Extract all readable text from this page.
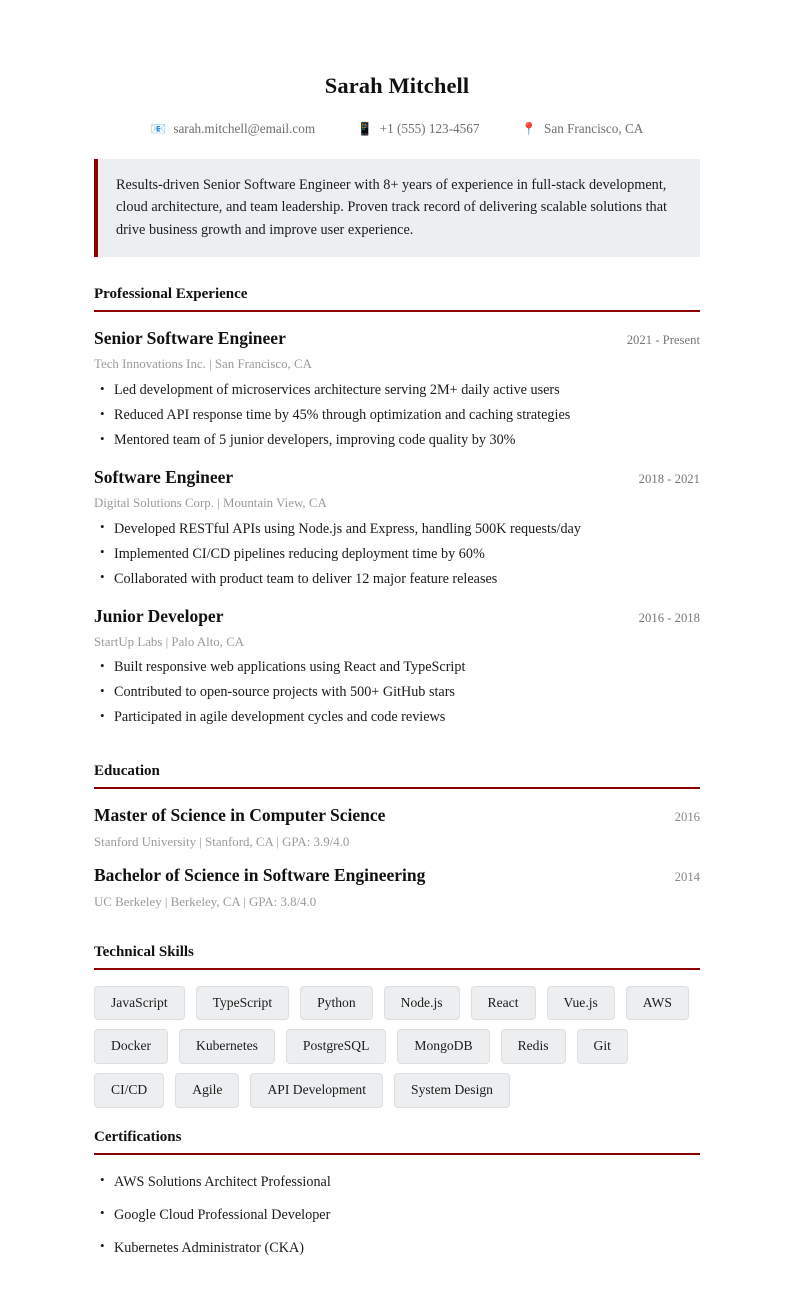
Sarah Mitchell
📧 sarah.mitchell@email.com	📱 +1 (555) 123-4567	📍 San Francisco, CA

Results-driven Senior Software Engineer with 8+ years of experience in full-stack development, cloud architecture, and team leadership. Proven track record of delivering scalable solutions that drive business growth and improve user experience.

Professional Experience
Senior Software Engineer	2021 - Present
Tech Innovations Inc. | San Francisco, CA
• Led development of microservices architecture serving 2M+ daily active users
• Reduced API response time by 45% through optimization and caching strategies
• Mentored team of 5 junior developers, improving code quality by 30%
Software Engineer	2018 - 2021
Digital Solutions Corp. | Mountain View, CA
• Developed RESTful APIs using Node.js and Express, handling 500K requests/day
• Implemented CI/CD pipelines reducing deployment time by 60%
• Collaborated with product team to deliver 12 major feature releases
Junior Developer	2016 - 2018
StartUp Labs | Palo Alto, CA
• Built responsive web applications using React and TypeScript
• Contributed to open-source projects with 500+ GitHub stars
• Participated in agile development cycles and code reviews
Education
Master of Science in Computer Science	2016
Stanford University | Stanford, CA | GPA: 3.9/4.0
Bachelor of Science in Software Engineering	2014
UC Berkeley | Berkeley, CA | GPA: 3.8/4.0
Technical Skills
JavaScript	TypeScript	Python	Node.js	React	Vue.js	AWS
Docker	Kubernetes	PostgreSQL	MongoDB	Redis	Git
CI/CD	Agile	API Development	System Design
Certifications
• AWS Solutions Architect Professional
• Google Cloud Professional Developer
• Kubernetes Administrator (CKA)
